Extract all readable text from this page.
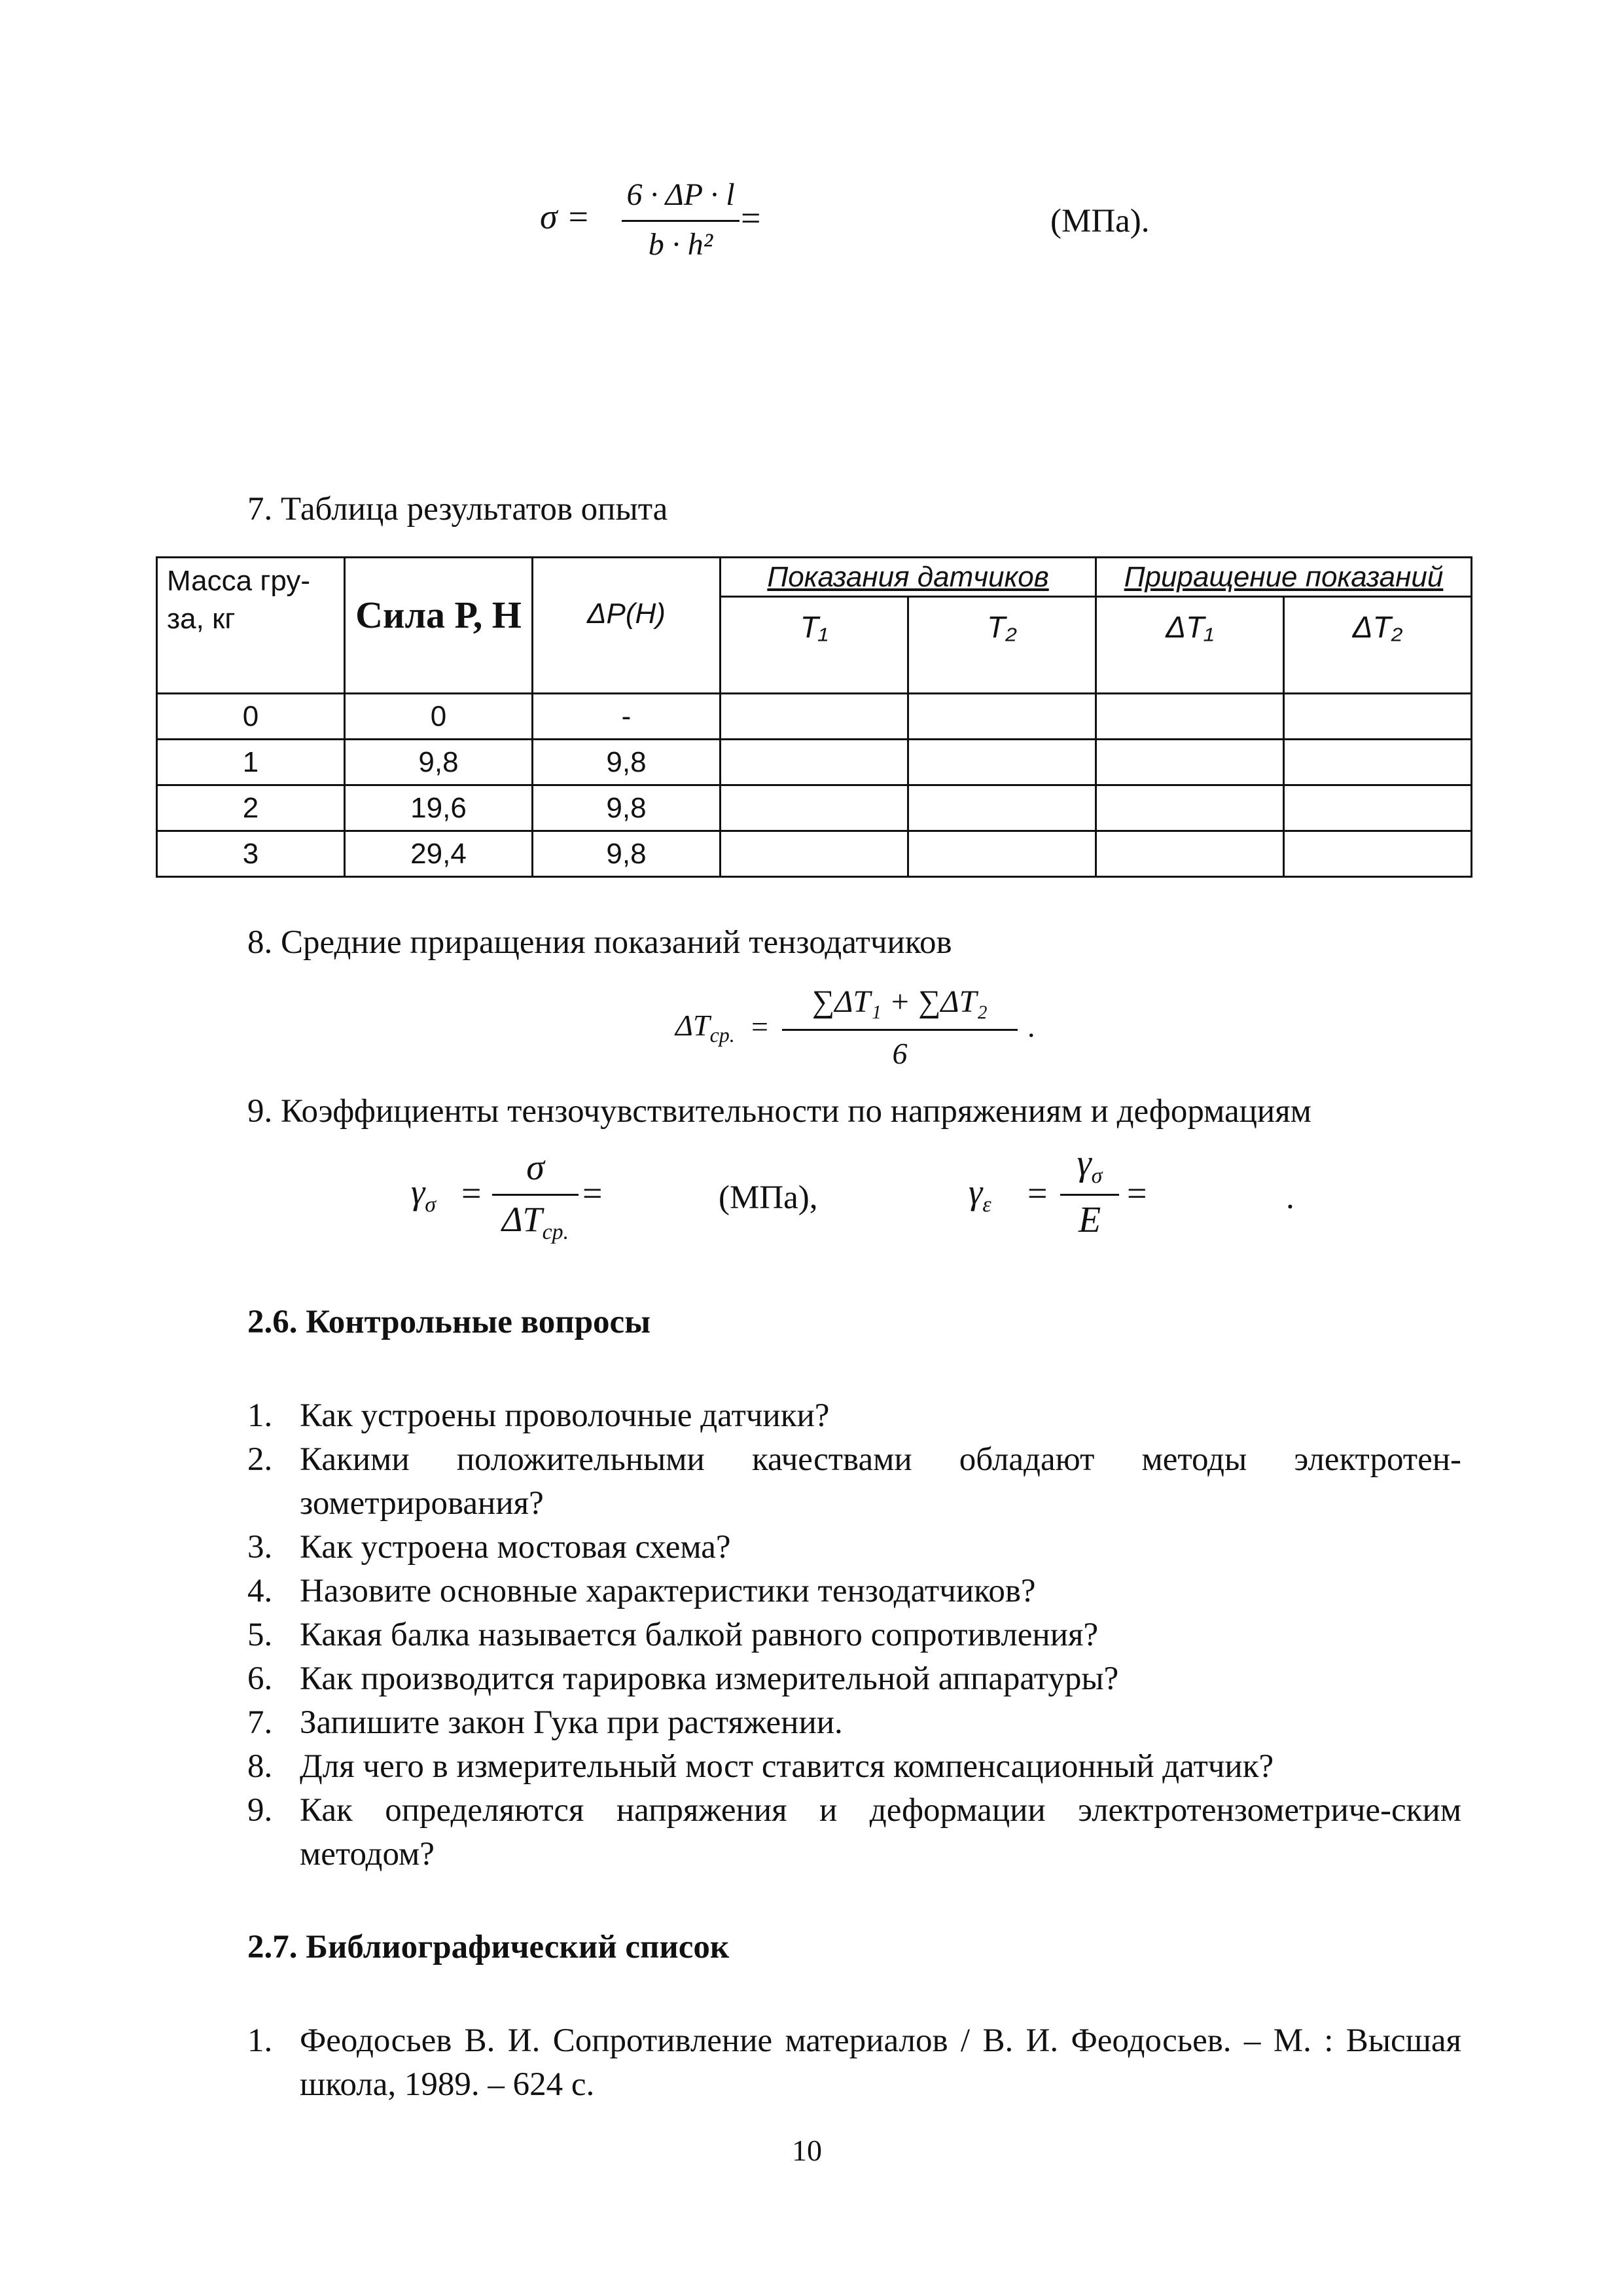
σ =
6 · ΔP · l
b · h²
=	(МПа).
7. Таблица результатов опыта
Масса гру- за, кг	Сила Р, Н	ΔP(H)	Показания датчиков		Приращение показаний	
			T₁	T₂	ΔT₁	ΔT₂
0	0	-				
1	9,8	9,8				
2	19,6	9,8				
3	29,4	9,8				
8. Средние приращения показаний тензодатчиков
$\Delta T_{ср.}$ =
∑ΔT₁ + ∑ΔT₂
6
.
9. Коэффициенты тензочувствительности по напряжениям и деформациям
$\gamma_\sigma$ =
σ
$\Delta T_{ср.}$
=	(МПа),	$\gamma_\varepsilon$ =
$\gamma_\sigma$
E
=	.
2.6. Контрольные вопросы
1. Как устроены проволочные датчики?
2. Какими положительными качествами обладают методы электротен-зометрирования?
3. Как устроена мостовая схема?
4. Назовите основные характеристики тензодатчиков?
5. Какая балка называется балкой равного сопротивления?
6. Как производится тарировка измерительной аппаратуры?
7. Запишите закон Гука при растяжении.
8. Для чего в измерительный мост ставится компенсационный датчик?
9. Как определяются напряжения и деформации электротензометриче-ским методом?
2.7. Библиографический список
1. Феодосьев В. И. Сопротивление материалов / В. И. Феодосьев. – М. : Высшая школа, 1989. – 624 с.
10
